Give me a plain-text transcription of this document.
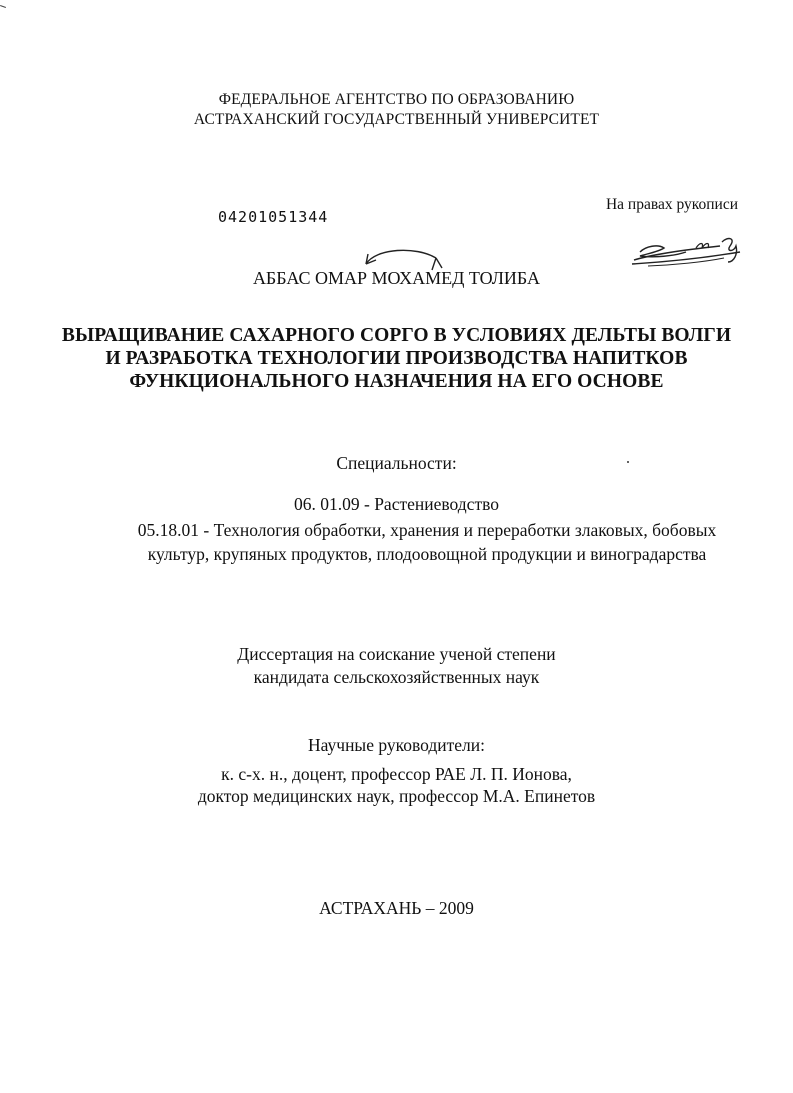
ФЕДЕРАЛЬНОЕ АГЕНТСТВО ПО ОБРАЗОВАНИЮ
АСТРАХАНСКИЙ ГОСУДАРСТВЕННЫЙ УНИВЕРСИТЕТ
04201051344
На правах рукописи
АББАС ОМАР МОХАМЕД ТОЛИБА
ВЫРАЩИВАНИЕ САХАРНОГО СОРГО В УСЛОВИЯХ ДЕЛЬТЫ ВОЛГИ
И РАЗРАБОТКА ТЕХНОЛОГИИ ПРОИЗВОДСТВА НАПИТКОВ
ФУНКЦИОНАЛЬНОГО НАЗНАЧЕНИЯ НА ЕГО ОСНОВЕ
Специальности:
06. 01.09 - Растениеводство
05.18.01 - Технология обработки, хранения и переработки злаковых, бобовых культур, крупяных продуктов, плодоовощной продукции и виноградарства
Диссертация на соискание ученой степени
кандидата сельскохозяйственных наук
Научные руководители:
к. с-х. н., доцент, профессор РАЕ Л. П. Ионова,
доктор медицинских наук, профессор М.А. Епинетов
АСТРАХАНЬ – 2009
